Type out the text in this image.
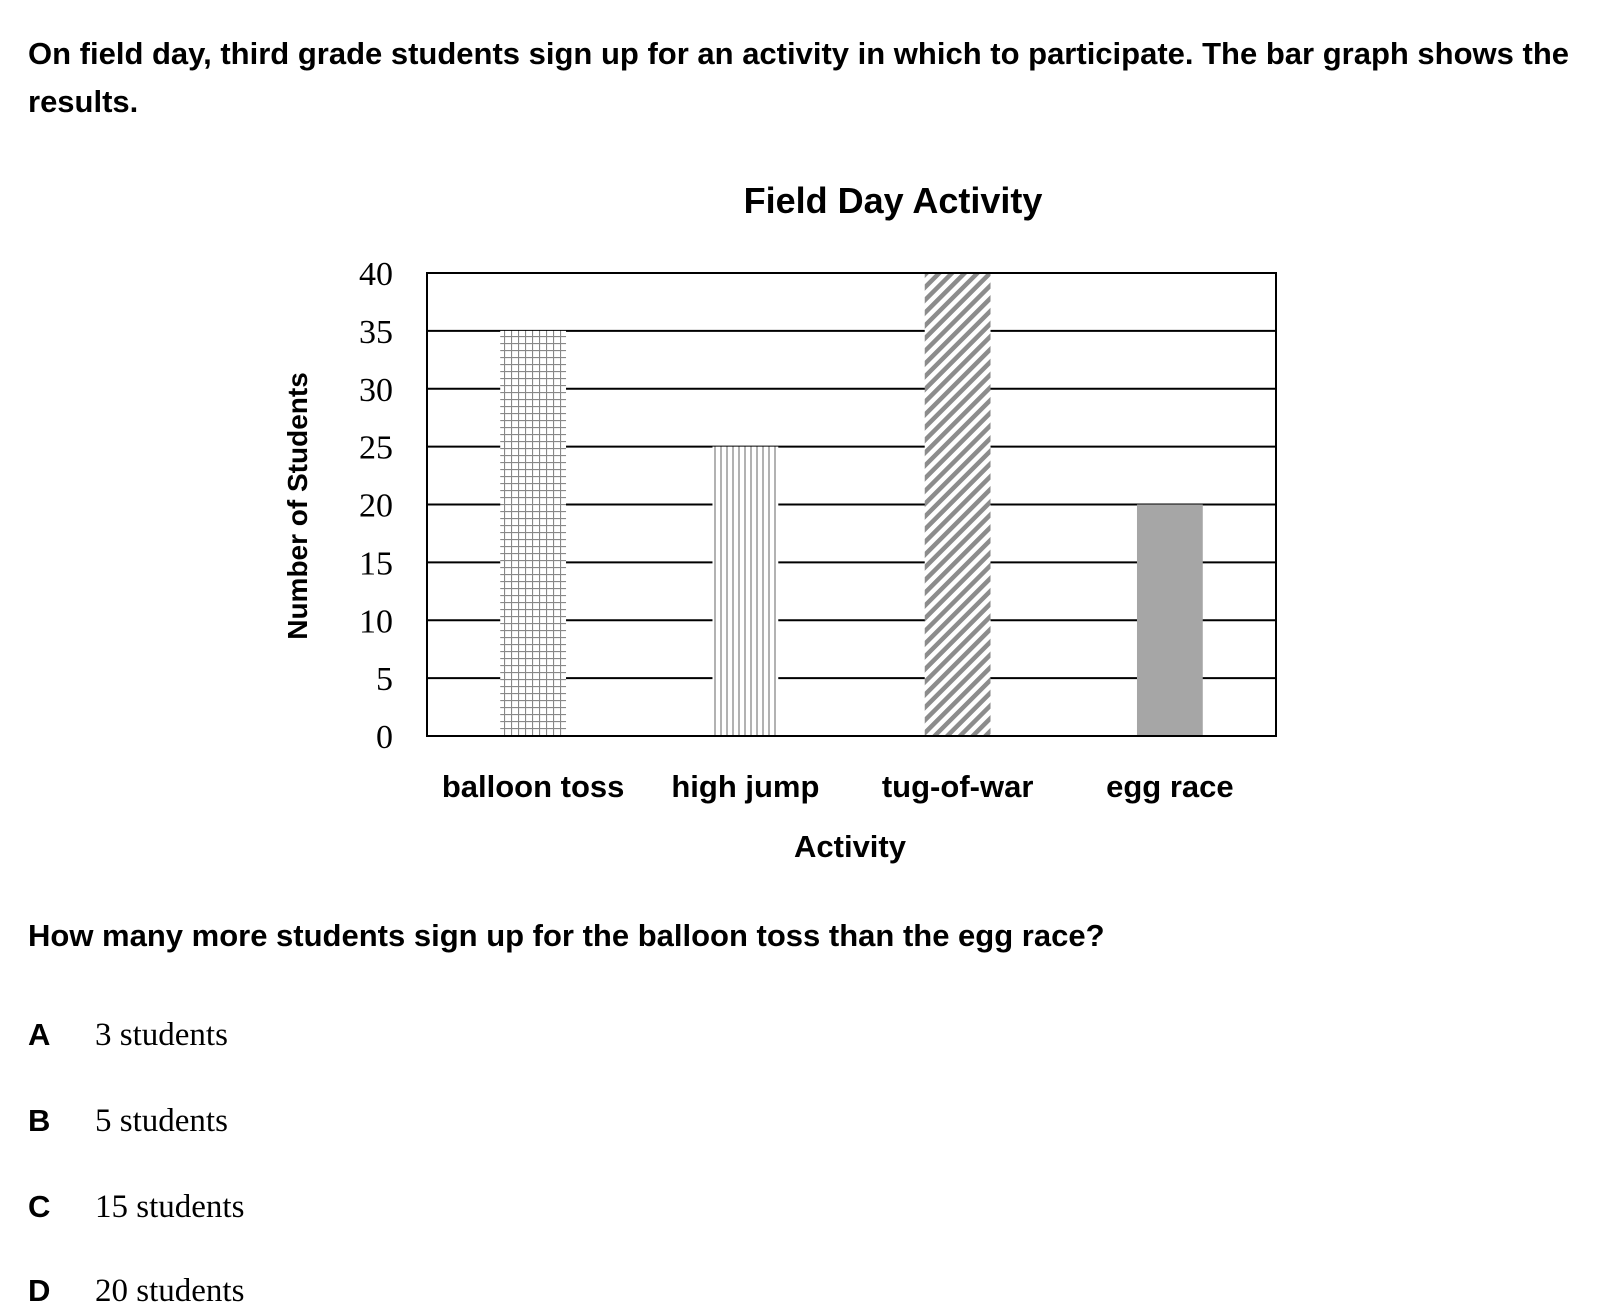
On field day, third grade students sign up for an activity in which to participate. The bar graph shows the results.
Field Day Activity
Number of Students
Activity
0
5
10
15
20
25
30
35
40
balloon toss high jump tug-of-war egg race
How many more students sign up for the balloon toss than the egg race?
A 3 students
B 5 students
C 15 students
D 20 students
